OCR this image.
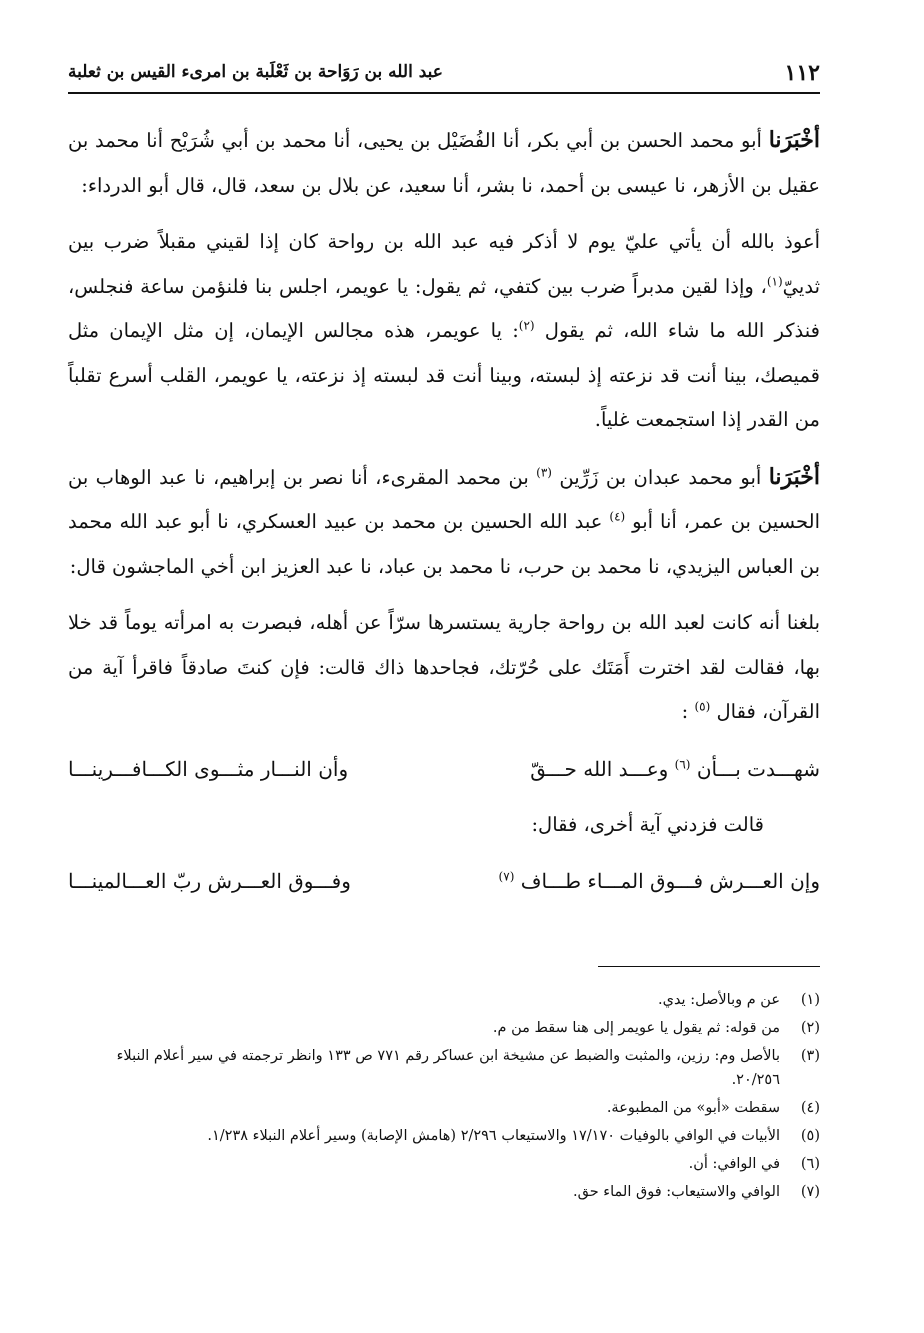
١١٢
عبد الله بن رَوَاحة بن ثَعْلَبة بن امرىء القيس بن ثعلبة

أخْبَرَنا أبو محمد الحسن بن أبي بكر، أنا الفُضَيْل بن يحيى، أنا محمد بن أبي شُرَيْح أنا محمد بن عقيل بن الأزهر، نا عيسى بن أحمد، نا بشر، أنا سعيد، عن بلال بن سعد، قال، قال أبو الدرداء:

أعوذ بالله أن يأتي عليّ يوم لا أذكر فيه عبد الله بن رواحة كان إذا لقيني مقبلاً ضرب بين ثدييّ$^{(١)}$، وإذا لقين مدبراً ضرب بين كتفي، ثم يقول: يا عويمر، اجلس بنا فلنؤمن ساعة فنجلس، فنذكر الله ما شاء الله، ثم يقول $^{(٢)}$: يا عويمر، هذه مجالس الإيمان، إن مثل الإيمان مثل قميصك، بينا أنت قد نزعته إذ لبسته، وبينا أنت قد لبسته إذ نزعته، يا عويمر، القلب أسرع تقلباً من القدر إذا استجمعت غلياً.

أخْبَرَنا أبو محمد عبدان بن زَرِّين $^{(٣)}$ بن محمد المقرىء، أنا نصر بن إبراهيم، نا عبد الوهاب بن الحسين بن عمر، أنا أبو $^{(٤)}$ عبد الله الحسين بن محمد بن عبيد العسكري، نا أبو عبد الله محمد بن العباس اليزيدي، نا محمد بن حرب، نا محمد بن عباد، نا عبد العزيز ابن أخي الماجشون قال:

بلغنا أنه كانت لعبد الله بن رواحة جارية يستسرها سرّاً عن أهله، فبصرت به امرأته يوماً قد خلا بها، فقالت لقد اخترت أَمَتَك على حُرّتك، فجاحدها ذاك قالت: فإن كنتَ صادقاً فاقرأ آية من القرآن، فقال $^{(٥)}$ :

شهـــدت بـــأن $^{(٦)}$ وعـــد الله حـــقّ
وأن النـــار مثـــوى الكـــافـــرينـــا

قالت فزدني آية أخرى، فقال:

وإن العـــرش فـــوق المـــاء طـــاف $^{(٧)}$
وفـــوق العـــرش ربّ العـــالمينـــا
(١)
عن م وبالأصل: يدي.
(٢)
من قوله: ثم يقول يا عويمر إلى هنا سقط من م.
(٣)
بالأصل وم: رزين، والمثبت والضبط عن مشيخة ابن عساكر رقم ٧٧١ ص ١٣٣ وانظر ترجمته في سير أعلام النبلاء ٢٠/٢٥٦.
(٤)
سقطت «أبو» من المطبوعة.
(٥)
الأبيات في الوافي بالوفيات ١٧/١٧٠ والاستيعاب ٢/٢٩٦ (هامش الإصابة) وسير أعلام النبلاء ١/٢٣٨.
(٦)
في الوافي: أن.
(٧)
الوافي والاستيعاب: فوق الماء حق.
